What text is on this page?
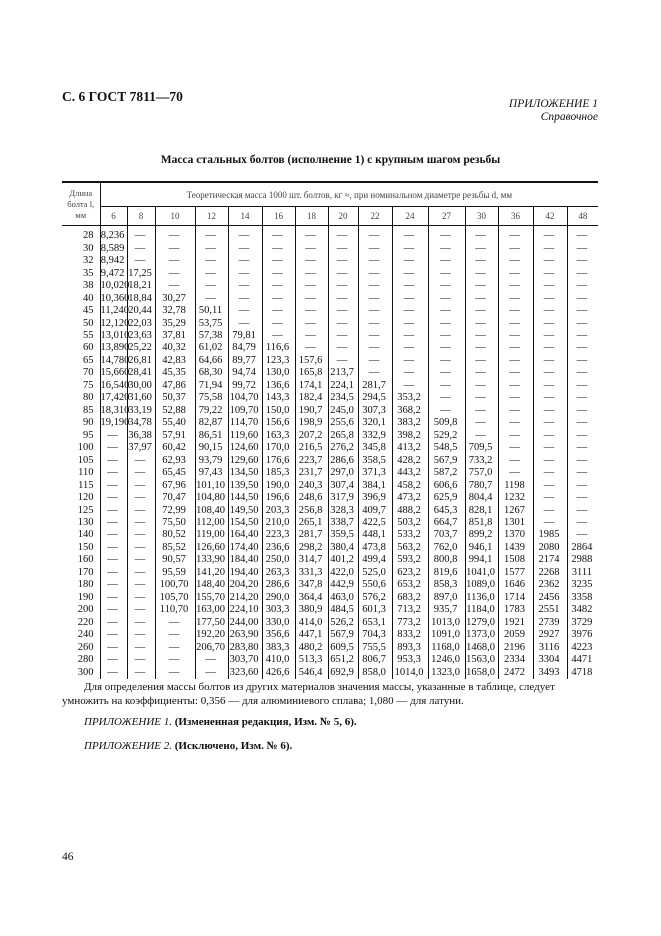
С. 6 ГОСТ 7811—70	ПРИЛОЖЕНИЕ 1
Справочное
Масса стальных болтов (исполнение 1) с крупным шагом резьбы
Длина болта l, мм	Теоретическая масса 1000 шт. болтов, кг ≈, при номинальном диаметре резьбы d, мм														
	6	8	10	12	14	16	18	20	22	24	27	30	36	42	48
28	8,236	—	—	—	—	—	—	—	—	—	—	—	—	—	—
30	8,589	—	—	—	—	—	—	—	—	—	—	—	—	—	—
32	8,942	—	—	—	—	—	—	—	—	—	—	—	—	—	—
35	9,472	17,25	—	—	—	—	—	—	—	—	—	—	—	—	—
38	10,020	18,21	—	—	—	—	—	—	—	—	—	—	—	—	—
40	10,360	18,84	30,27	—	—	—	—	—	—	—	—	—	—	—	—
45	11,240	20,44	32,78	50,11	—	—	—	—	—	—	—	—	—	—	—
50	12,120	22,03	35,29	53,75	—	—	—	—	—	—	—	—	—	—	—
55	13,010	23,63	37,81	57,38	79,81	—	—	—	—	—	—	—	—	—	—
60	13,890	25,22	40,32	61,02	84,79	116,6	—	—	—	—	—	—	—	—	—
65	14,780	26,81	42,83	64,66	89,77	123,3	157,6	—	—	—	—	—	—	—	—
70	15,660	28,41	45,35	68,30	94,74	130,0	165,8	213,7	—	—	—	—	—	—	—
75	16,540	30,00	47,86	71,94	99,72	136,6	174,1	224,1	281,7	—	—	—	—	—	—
80	17,420	31,60	50,37	75,58	104,70	143,3	182,4	234,5	294,5	353,2	—	—	—	—	—
85	18,310	33,19	52,88	79,22	109,70	150,0	190,7	245,0	307,3	368,2	—	—	—	—	—
90	19,190	34,78	55,40	82,87	114,70	156,6	198,9	255,6	320,1	383,2	509,8	—	—	—	—
95	—	36,38	57,91	86,51	119,60	163,3	207,2	265,8	332,9	398,2	529,2	—	—	—	—
100	—	37,97	60,42	90,15	124,60	170,0	216,5	276,2	345,8	413,2	548,5	709,5	—	—	—
105	—	—	62,93	93,79	129,60	176,6	223,7	286,6	358,5	428,2	567,9	733,2	—	—	—
110	—	—	65,45	97,43	134,50	185,3	231,7	297,0	371,3	443,2	587,2	757,0	—	—	—
115	—	—	67,96	101,10	139,50	190,0	240,3	307,4	384,1	458,2	606,6	780,7	1198	—	—
120	—	—	70,47	104,80	144,50	196,6	248,6	317,9	396,9	473,2	625,9	804,4	1232	—	—
125	—	—	72,99	108,40	149,50	203,3	256,8	328,3	409,7	488,2	645,3	828,1	1267	—	—
130	—	—	75,50	112,00	154,50	210,0	265,1	338,7	422,5	503,2	664,7	851,8	1301	—	—
140	—	—	80,52	119,00	164,40	223,3	281,7	359,5	448,1	533,2	703,7	899,2	1370	1985	—
150	—	—	85,52	126,60	174,40	236,6	298,2	380,4	473,8	563,2	762,0	946,1	1439	2080	2864
160	—	—	90,57	133,90	184,40	250,0	314,7	401,2	499,4	593,2	800,8	994,1	1508	2174	2988
170	—	—	95,59	141,20	194,40	263,3	331,3	422,0	525,0	623,2	819,6	1041,0	1577	2268	3111
180	—	—	100,70	148,40	204,20	286,6	347,8	442,9	550,6	653,2	858,3	1089,0	1646	2362	3235
190	—	—	105,70	155,70	214,20	290,0	364,4	463,0	576,2	683,2	897,0	1136,0	1714	2456	3358
200	—	—	110,70	163,00	224,10	303,3	380,9	484,5	601,3	713,2	935,7	1184,0	1783	2551	3482
220	—	—	—	177,50	244,00	330,0	414,0	526,2	653,1	773,2	1013,0	1279,0	1921	2739	3729
240	—	—	—	192,20	263,90	356,6	447,1	567,9	704,3	833,2	1091,0	1373,0	2059	2927	3976
260	—	—	—	206,70	283,80	383,3	480,2	609,5	755,5	893,3	1168,0	1468,0	2196	3116	4223
280	—	—	—	—	303,70	410,0	513,3	651,2	806,7	953,3	1246,0	1563,0	2334	3304	4471
300	—	—	—	—	323,60	426,6	546,4	692,9	858,0	1014,0	1323,0	1658,0	2472	3493	4718
Для определения массы болтов из других материалов значения массы, указанные в таблице, следует умножить на коэффициенты: 0,356 — для алюминиевого сплава; 1,080 — для латуни.
ПРИЛОЖЕНИЕ 1. (Измененная редакция, Изм. № 5, 6).
ПРИЛОЖЕНИЕ 2. (Исключено, Изм. № 6).
46
